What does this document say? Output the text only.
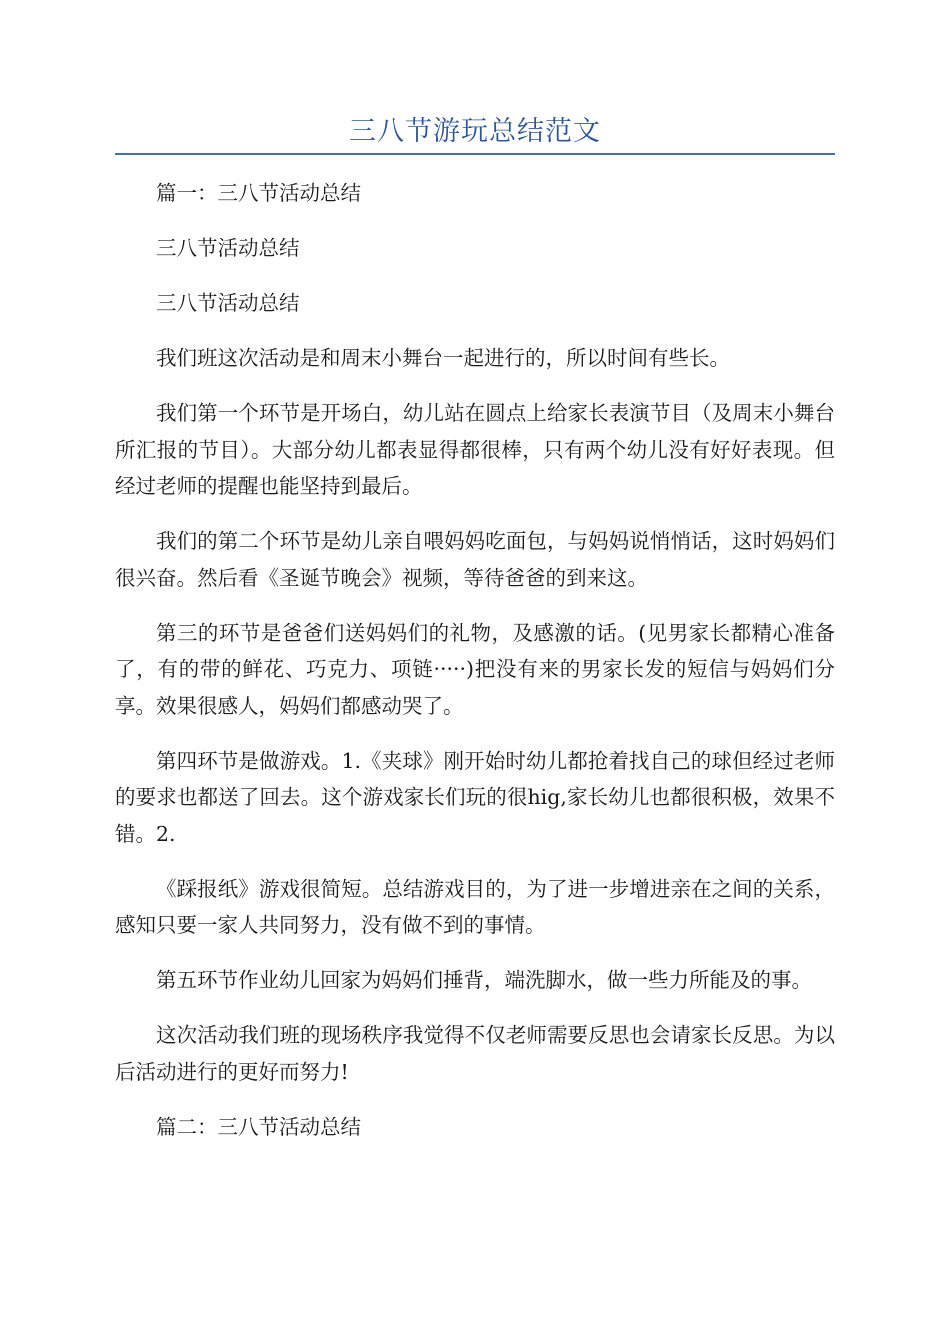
三八节游玩总结范文

篇一：三八节活动总结

三八节活动总结

三八节活动总结

我们班这次活动是和周末小舞台一起进行的，所以时间有些长。

我们第一个环节是开场白，幼儿站在圆点上给家长表演节目（及周末小舞台所汇报的节目）。大部分幼儿都表显得都很棒，只有两个幼儿没有好好表现。但经过老师的提醒也能坚持到最后。

我们的第二个环节是幼儿亲自喂妈妈吃面包，与妈妈说悄悄话，这时妈妈们很兴奋。然后看《圣诞节晚会》视频，等待爸爸的到来这。

第三的环节是爸爸们送妈妈们的礼物，及感激的话。(见男家长都精心准备了，有的带的鲜花、巧克力、项链·····)把没有来的男家长发的短信与妈妈们分享。效果很感人，妈妈们都感动哭了。

第四环节是做游戏。1.《夹球》刚开始时幼儿都抢着找自己的球但经过老师的要求也都送了回去。这个游戏家长们玩的很hig,家长幼儿也都很积极，效果不错。2.

《踩报纸》游戏很简短。总结游戏目的，为了进一步增进亲在之间的关系，感知只要一家人共同努力，没有做不到的事情。

第五环节作业幼儿回家为妈妈们捶背，端洗脚水，做一些力所能及的事。

这次活动我们班的现场秩序我觉得不仅老师需要反思也会请家长反思。为以后活动进行的更好而努力!

篇二：三八节活动总结
